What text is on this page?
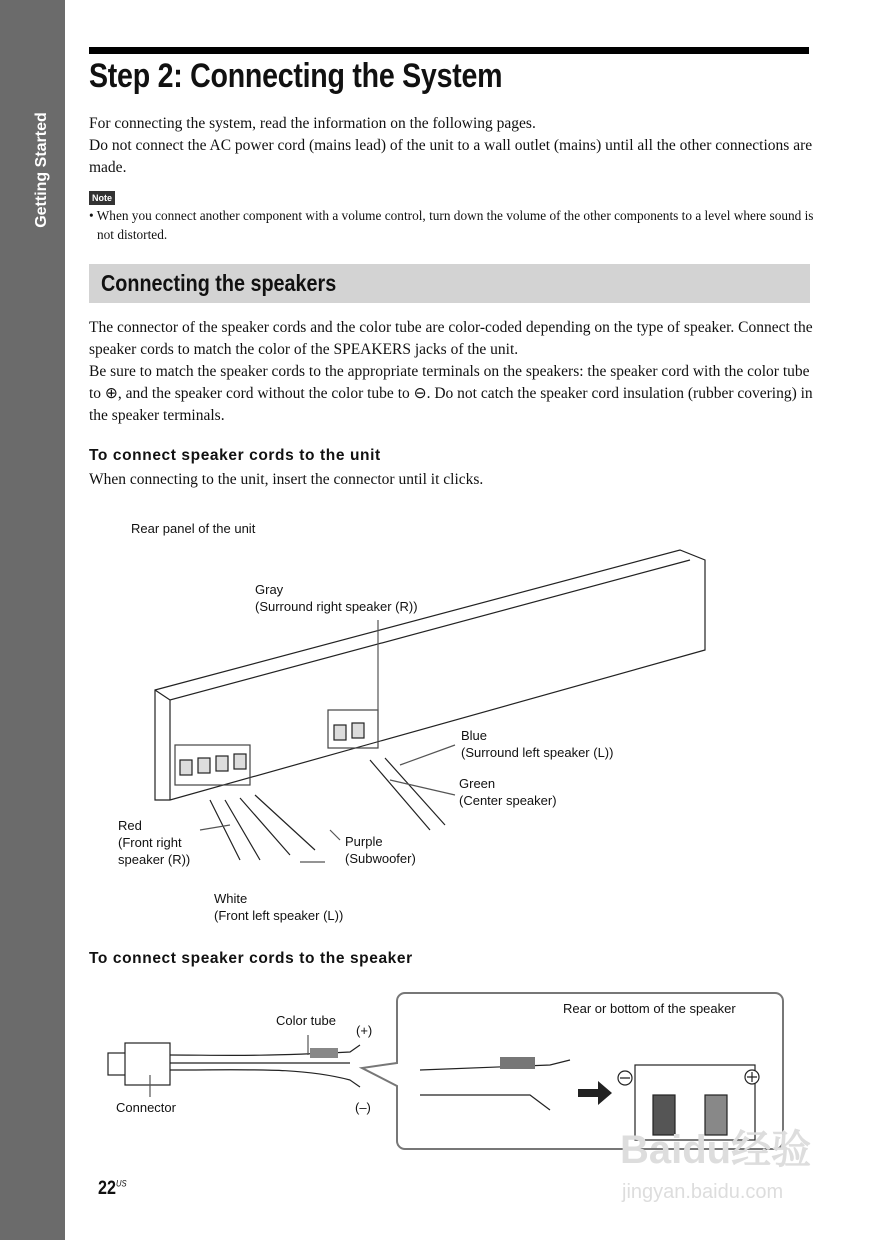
Getting Started
Step 2: Connecting the System
For connecting the system, read the information on the following pages.
Do not connect the AC power cord (mains lead) of the unit to a wall outlet (mains) until all the other connections are made.
Note
• When you connect another component with a volume control, turn down the volume of the other components to a level where sound is not distorted.
Connecting the speakers
The connector of the speaker cords and the color tube are color-coded depending on the type of speaker. Connect the speaker cords to match the color of the SPEAKERS jacks of the unit.
Be sure to match the speaker cords to the appropriate terminals on the speakers: the speaker cord with the color tube to ⊕, and the speaker cord without the color tube to ⊖. Do not catch the speaker cord insulation (rubber covering) in the speaker terminals.
To connect speaker cords to the unit
When connecting to the unit, insert the connector until it clicks.
Rear panel of the unit
Gray
(Surround right speaker (R))
Blue
(Surround left speaker (L))
Green
(Center speaker)
Red
(Front right
speaker (R))
Purple
(Subwoofer)
White
(Front left speaker (L))
To connect speaker cords to the speaker
Color tube
(+)
(–)
Connector
Rear or bottom of the speaker
$22^{US}$
Baidu经验
jingyan.baidu.com
